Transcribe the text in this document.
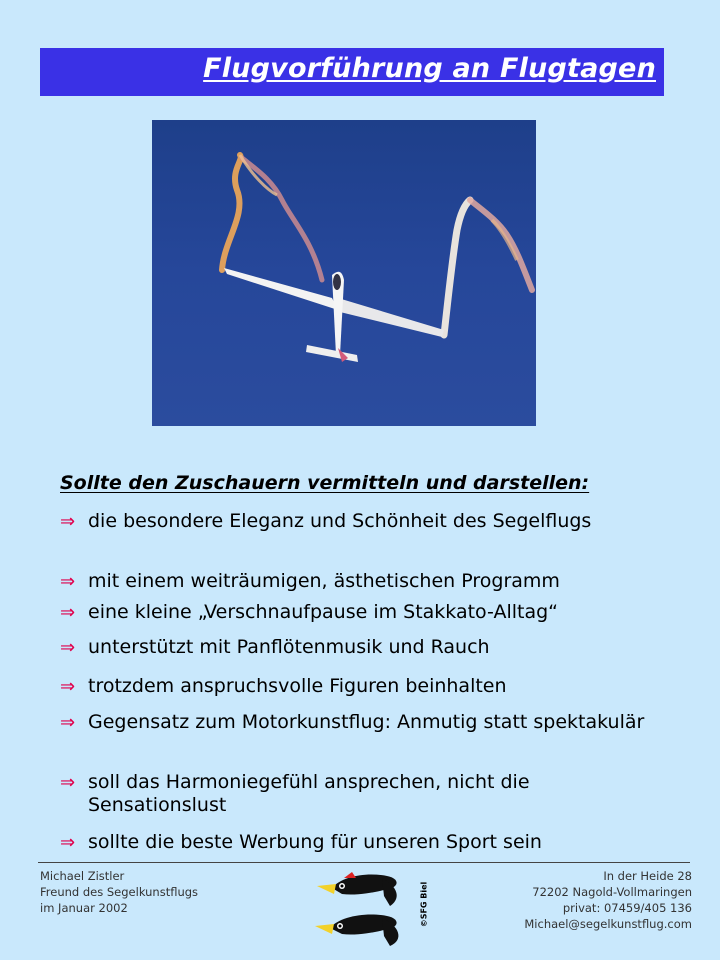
Flugvorführung an Flugtagen
Sollte den Zuschauern vermitteln und darstellen:
⇒ die besondere Eleganz und Schönheit des Segelflugs
⇒ mit einem weiträumigen, ästhetischen Programm
⇒ eine kleine „Verschnaufpause im Stakkato-Alltag“
⇒ unterstützt mit Panflötenmusik und Rauch
⇒ trotzdem anspruchsvolle Figuren beinhalten
⇒ Gegensatz zum Motorkunstflug: Anmutig statt spektakulär
⇒ soll das Harmoniegefühl ansprechen, nicht die Sensationslust
⇒ sollte die beste Werbung für unseren Sport sein
Michael Zistler
Freund des Segelkunstflugs
im Januar 2002	©SFG Biel
In der Heide 28
72202 Nagold-Vollmaringen
privat: 07459/405 136
Michael@segelkunstflug.com
